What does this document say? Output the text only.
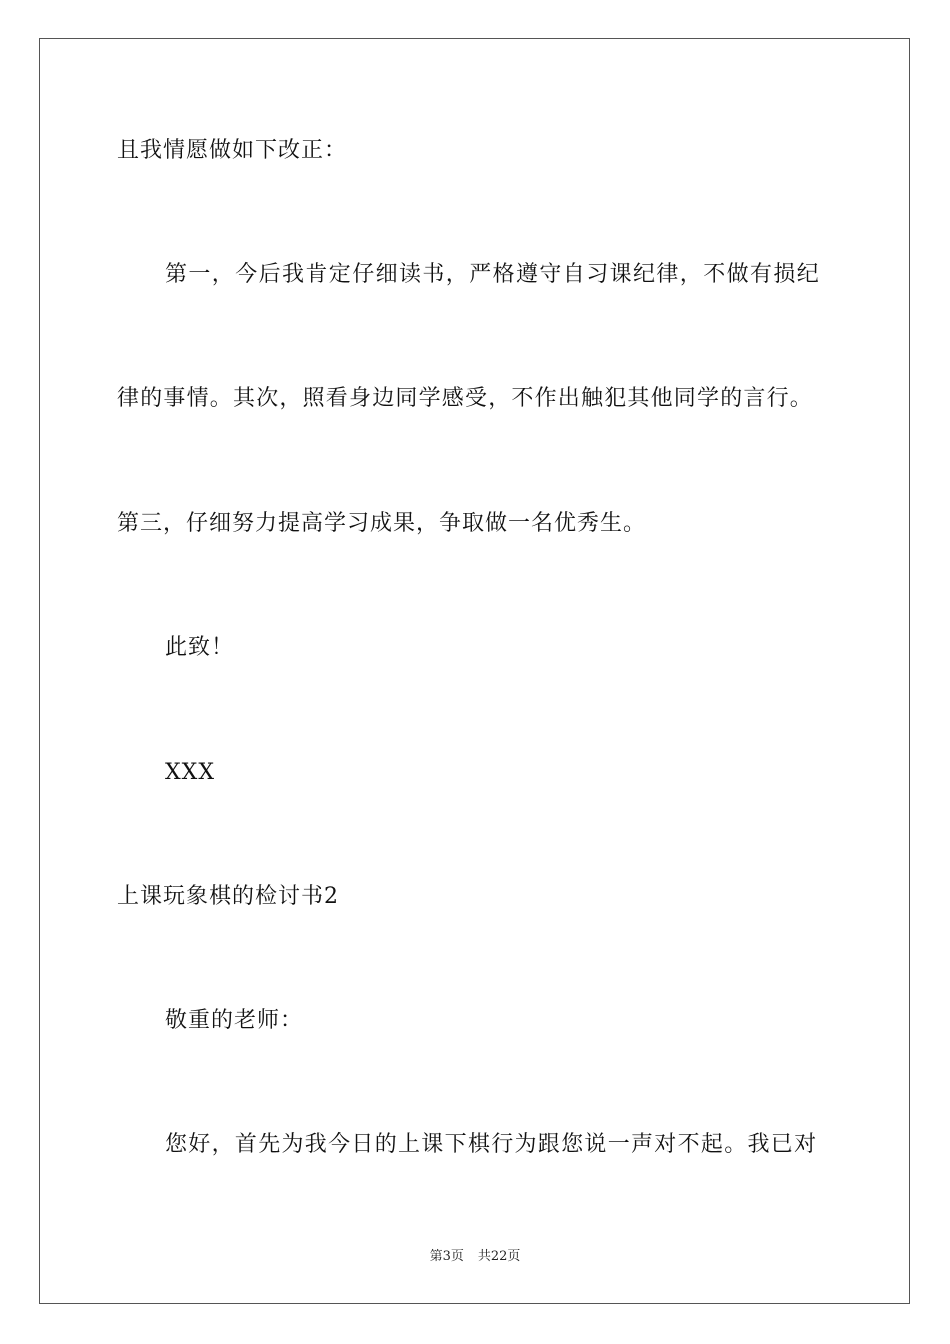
且我情愿做如下改正：
第一，今后我肯定仔细读书，严格遵守自习课纪律，不做有损纪
律的事情。其次，照看身边同学感受，不作出触犯其他同学的言行。
第三，仔细努力提高学习成果，争取做一名优秀生。
此致！
XXX
上课玩象棋的检讨书2
敬重的老师：
您好，首先为我今日的上课下棋行为跟您说一声对不起。我已对
第3页 共22页
